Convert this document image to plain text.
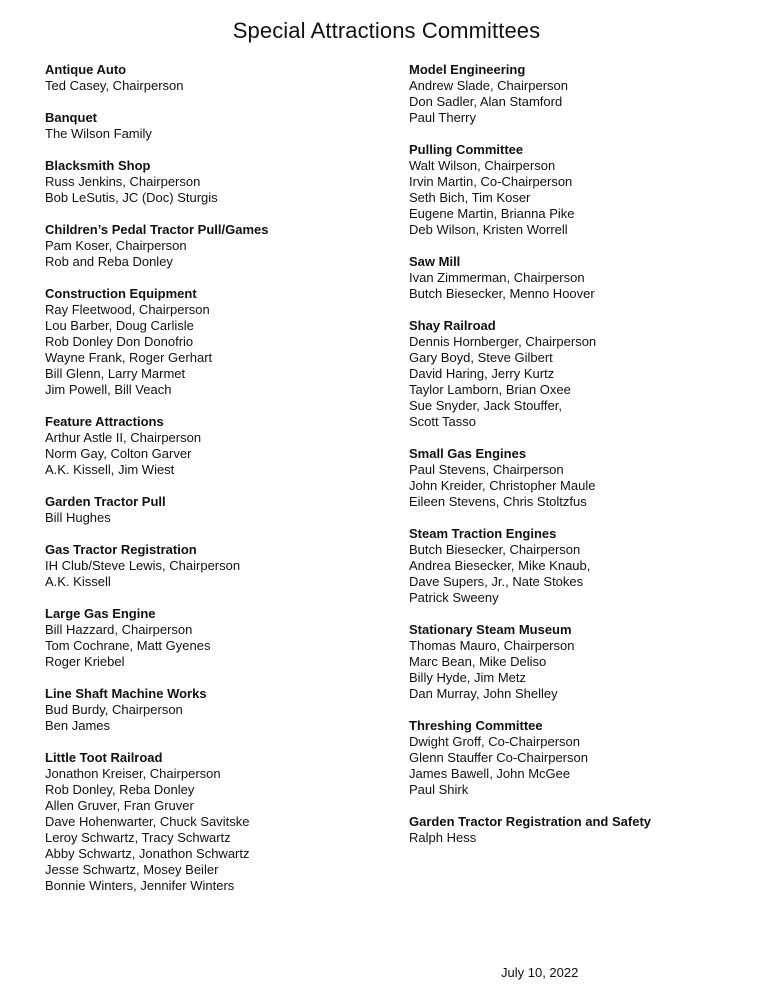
Special Attractions Committees
Antique Auto
Ted Casey, Chairperson
Banquet
The Wilson Family
Blacksmith Shop
Russ Jenkins, Chairperson
Bob LeSutis, JC (Doc) Sturgis
Children’s Pedal Tractor Pull/Games
Pam Koser, Chairperson
Rob and Reba Donley
Construction Equipment
Ray Fleetwood, Chairperson
Lou Barber, Doug Carlisle
Rob Donley Don Donofrio
Wayne Frank, Roger Gerhart
Bill Glenn, Larry Marmet
Jim Powell, Bill Veach
Feature Attractions
Arthur Astle II, Chairperson
Norm Gay, Colton Garver
A.K. Kissell, Jim Wiest
Garden Tractor Pull
Bill Hughes
Gas Tractor Registration
IH Club/Steve Lewis, Chairperson
A.K. Kissell
Large Gas Engine
Bill Hazzard, Chairperson
Tom Cochrane, Matt Gyenes
Roger Kriebel
Line Shaft Machine Works
Bud Burdy, Chairperson
Ben James
Little Toot Railroad
Jonathon Kreiser, Chairperson
Rob Donley, Reba Donley
Allen Gruver, Fran Gruver
Dave Hohenwarter, Chuck Savitske
Leroy Schwartz, Tracy Schwartz
Abby Schwartz, Jonathon Schwartz
Jesse Schwartz, Mosey Beiler
Bonnie Winters, Jennifer Winters
Model Engineering
Andrew Slade, Chairperson
Don Sadler, Alan Stamford
Paul Therry
Pulling Committee
Walt Wilson, Chairperson
Irvin Martin, Co-Chairperson
Seth Bich, Tim Koser
Eugene Martin, Brianna Pike
Deb Wilson, Kristen Worrell
Saw Mill
Ivan Zimmerman, Chairperson
Butch Biesecker, Menno Hoover
Shay Railroad
Dennis Hornberger, Chairperson
Gary Boyd, Steve Gilbert
David Haring, Jerry Kurtz
Taylor Lamborn, Brian Oxee
Sue Snyder, Jack Stouffer,
Scott Tasso
Small Gas Engines
Paul Stevens, Chairperson
John Kreider, Christopher Maule
Eileen Stevens, Chris Stoltzfus
Steam Traction Engines
Butch Biesecker, Chairperson
Andrea Biesecker, Mike Knaub,
Dave Supers, Jr., Nate Stokes
Patrick Sweeny
Stationary Steam Museum
Thomas Mauro, Chairperson
Marc Bean, Mike Deliso
Billy Hyde, Jim Metz
Dan Murray, John Shelley
Threshing Committee
Dwight Groff, Co-Chairperson
Glenn Stauffer Co-Chairperson
James Bawell, John McGee
Paul Shirk
Garden Tractor Registration and Safety
Ralph Hess
July 10, 2022
